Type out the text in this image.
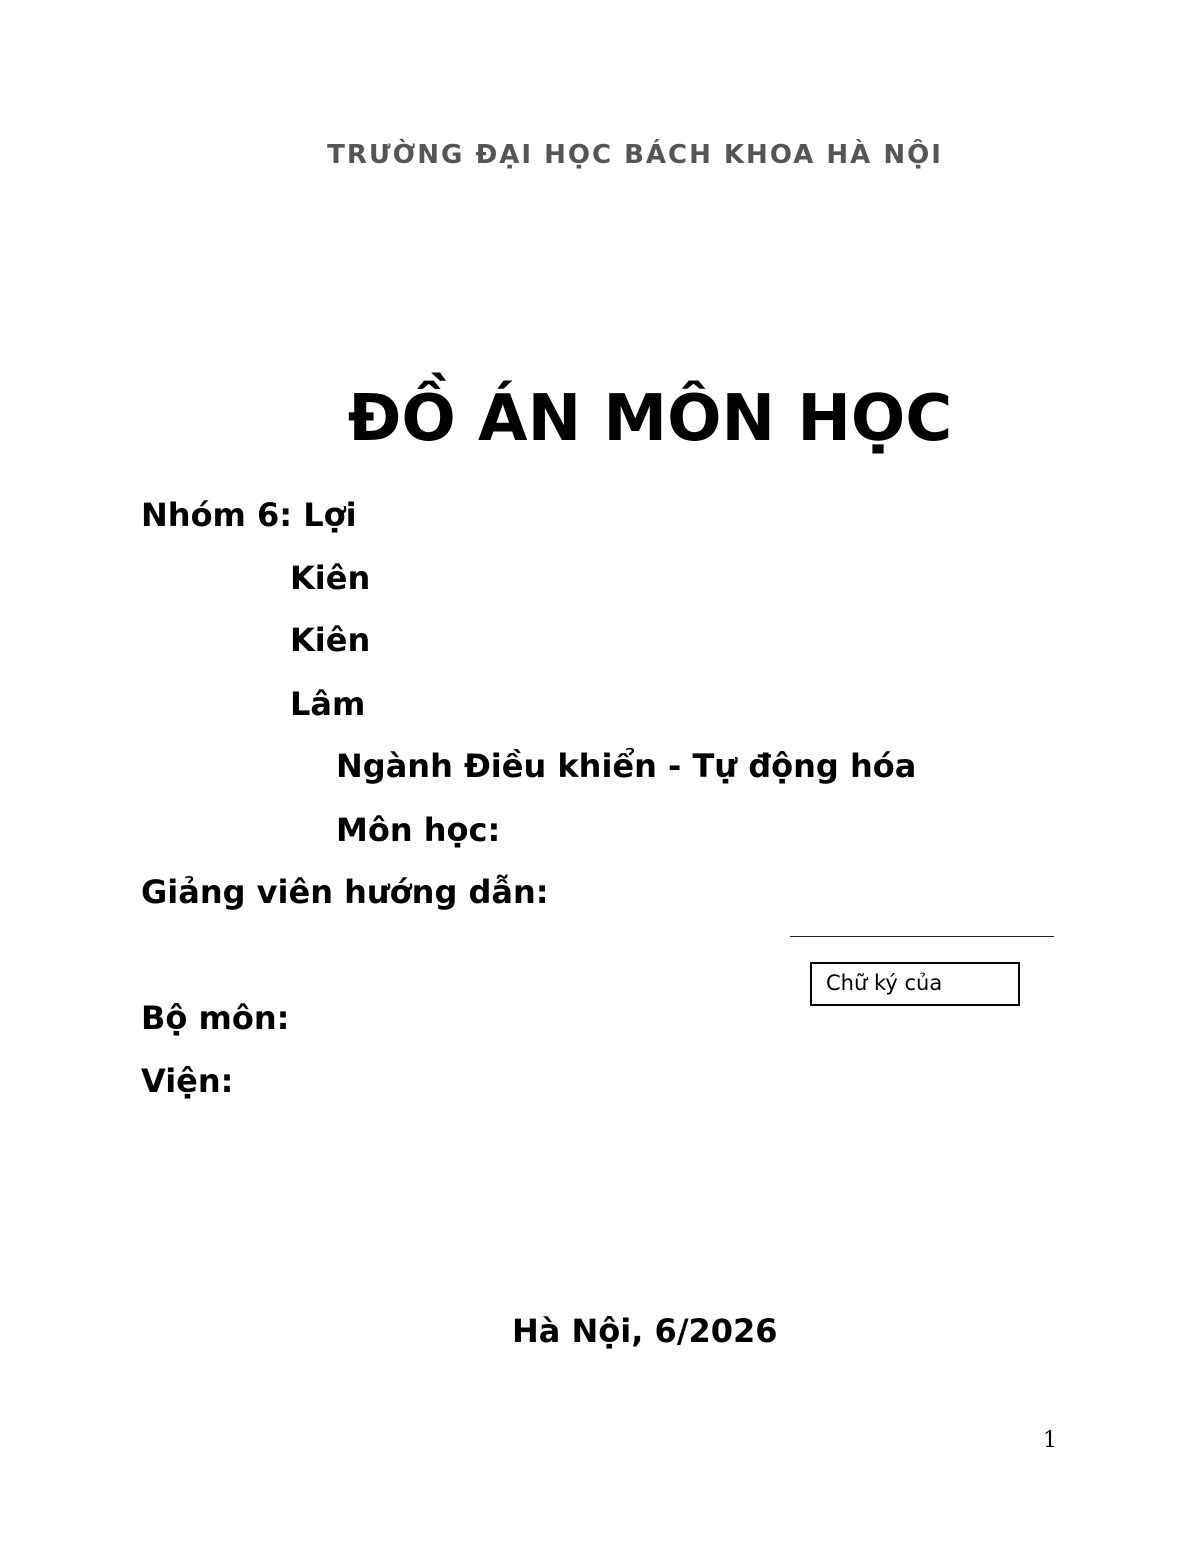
TRƯỜNG ĐẠI HỌC BÁCH KHOA HÀ NỘI
ĐỒ ÁN MÔN HỌC
Nhóm 6: Lợi
Kiên
Kiên
Lâm
Ngành Điều khiển - Tự động hóa
Môn học:
Giảng viên hướng dẫn:
Chữ ký của
Bộ môn:
Viện:
Hà Nội, 6/2026
1
